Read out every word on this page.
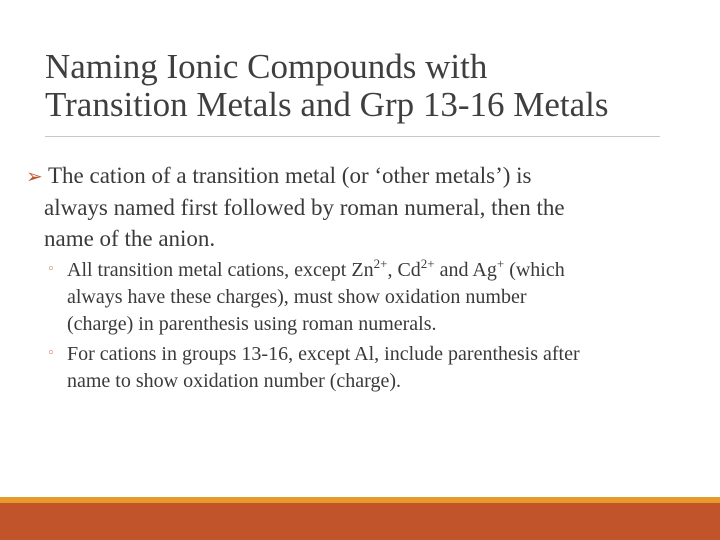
Naming Ionic Compounds with
Transition Metals and Grp 13-16 Metals
➢ The cation of a transition metal (or ‘other metals’) is
always named first followed by roman numeral, then the
name of the anion.
◦ All transition metal cations, except $Zn^{2+}$, $Cd^{2+}$ and Ag+ (which
always have these charges), must show oxidation number
(charge) in parenthesis using roman numerals.
◦ For cations in groups 13-16, except Al, include parenthesis after
name to show oxidation number (charge).
